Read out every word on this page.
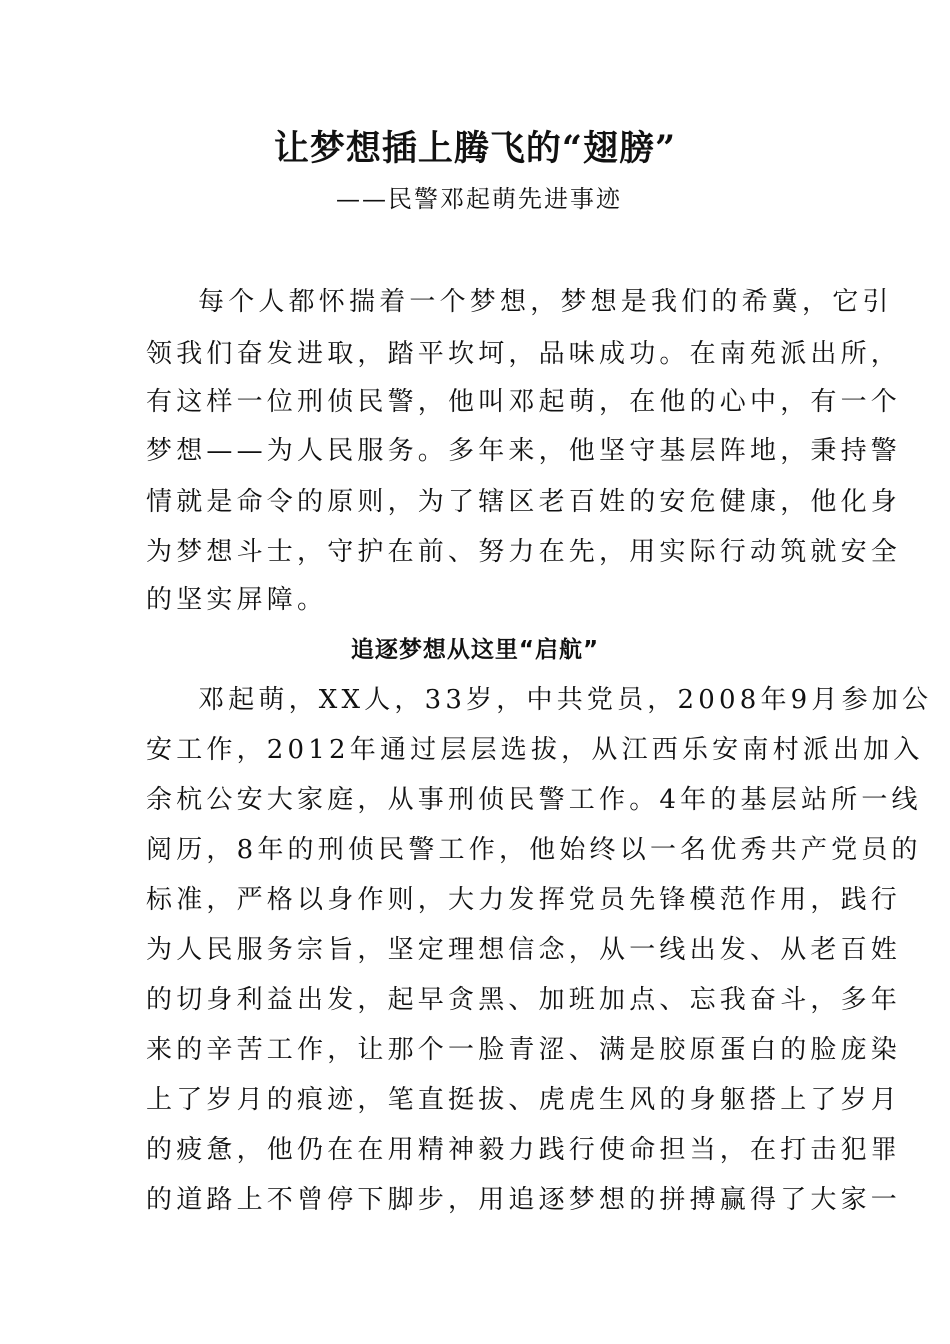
让梦想插上腾飞的“翅膀”

——民警邓起萌先进事迹

每个人都怀揣着一个梦想，梦想是我们的希冀，它引

领我们奋发进取，踏平坎坷，品味成功。在南苑派出所，

有这样一位刑侦民警，他叫邓起萌，在他的心中，有一个

梦想——为人民服务。多年来，他坚守基层阵地，秉持警

情就是命令的原则，为了辖区老百姓的安危健康，他化身

为梦想斗士，守护在前、努力在先，用实际行动筑就安全

的坚实屏障。

追逐梦想从这里“启航”

邓起萌，XX人，33岁，中共党员，2008年9月参加公

安工作，2012年通过层层选拔，从江西乐安南村派出加入

余杭公安大家庭，从事刑侦民警工作。4年的基层站所一线

阅历，8年的刑侦民警工作，他始终以一名优秀共产党员的

标准，严格以身作则，大力发挥党员先锋模范作用，践行

为人民服务宗旨，坚定理想信念，从一线出发、从老百姓

的切身利益出发，起早贪黑、加班加点、忘我奋斗，多年

来的辛苦工作，让那个一脸青涩、满是胶原蛋白的脸庞染

上了岁月的痕迹，笔直挺拔、虎虎生风的身躯搭上了岁月

的疲惫，他仍在在用精神毅力践行使命担当，在打击犯罪

的道路上不曾停下脚步，用追逐梦想的拼搏赢得了大家一
